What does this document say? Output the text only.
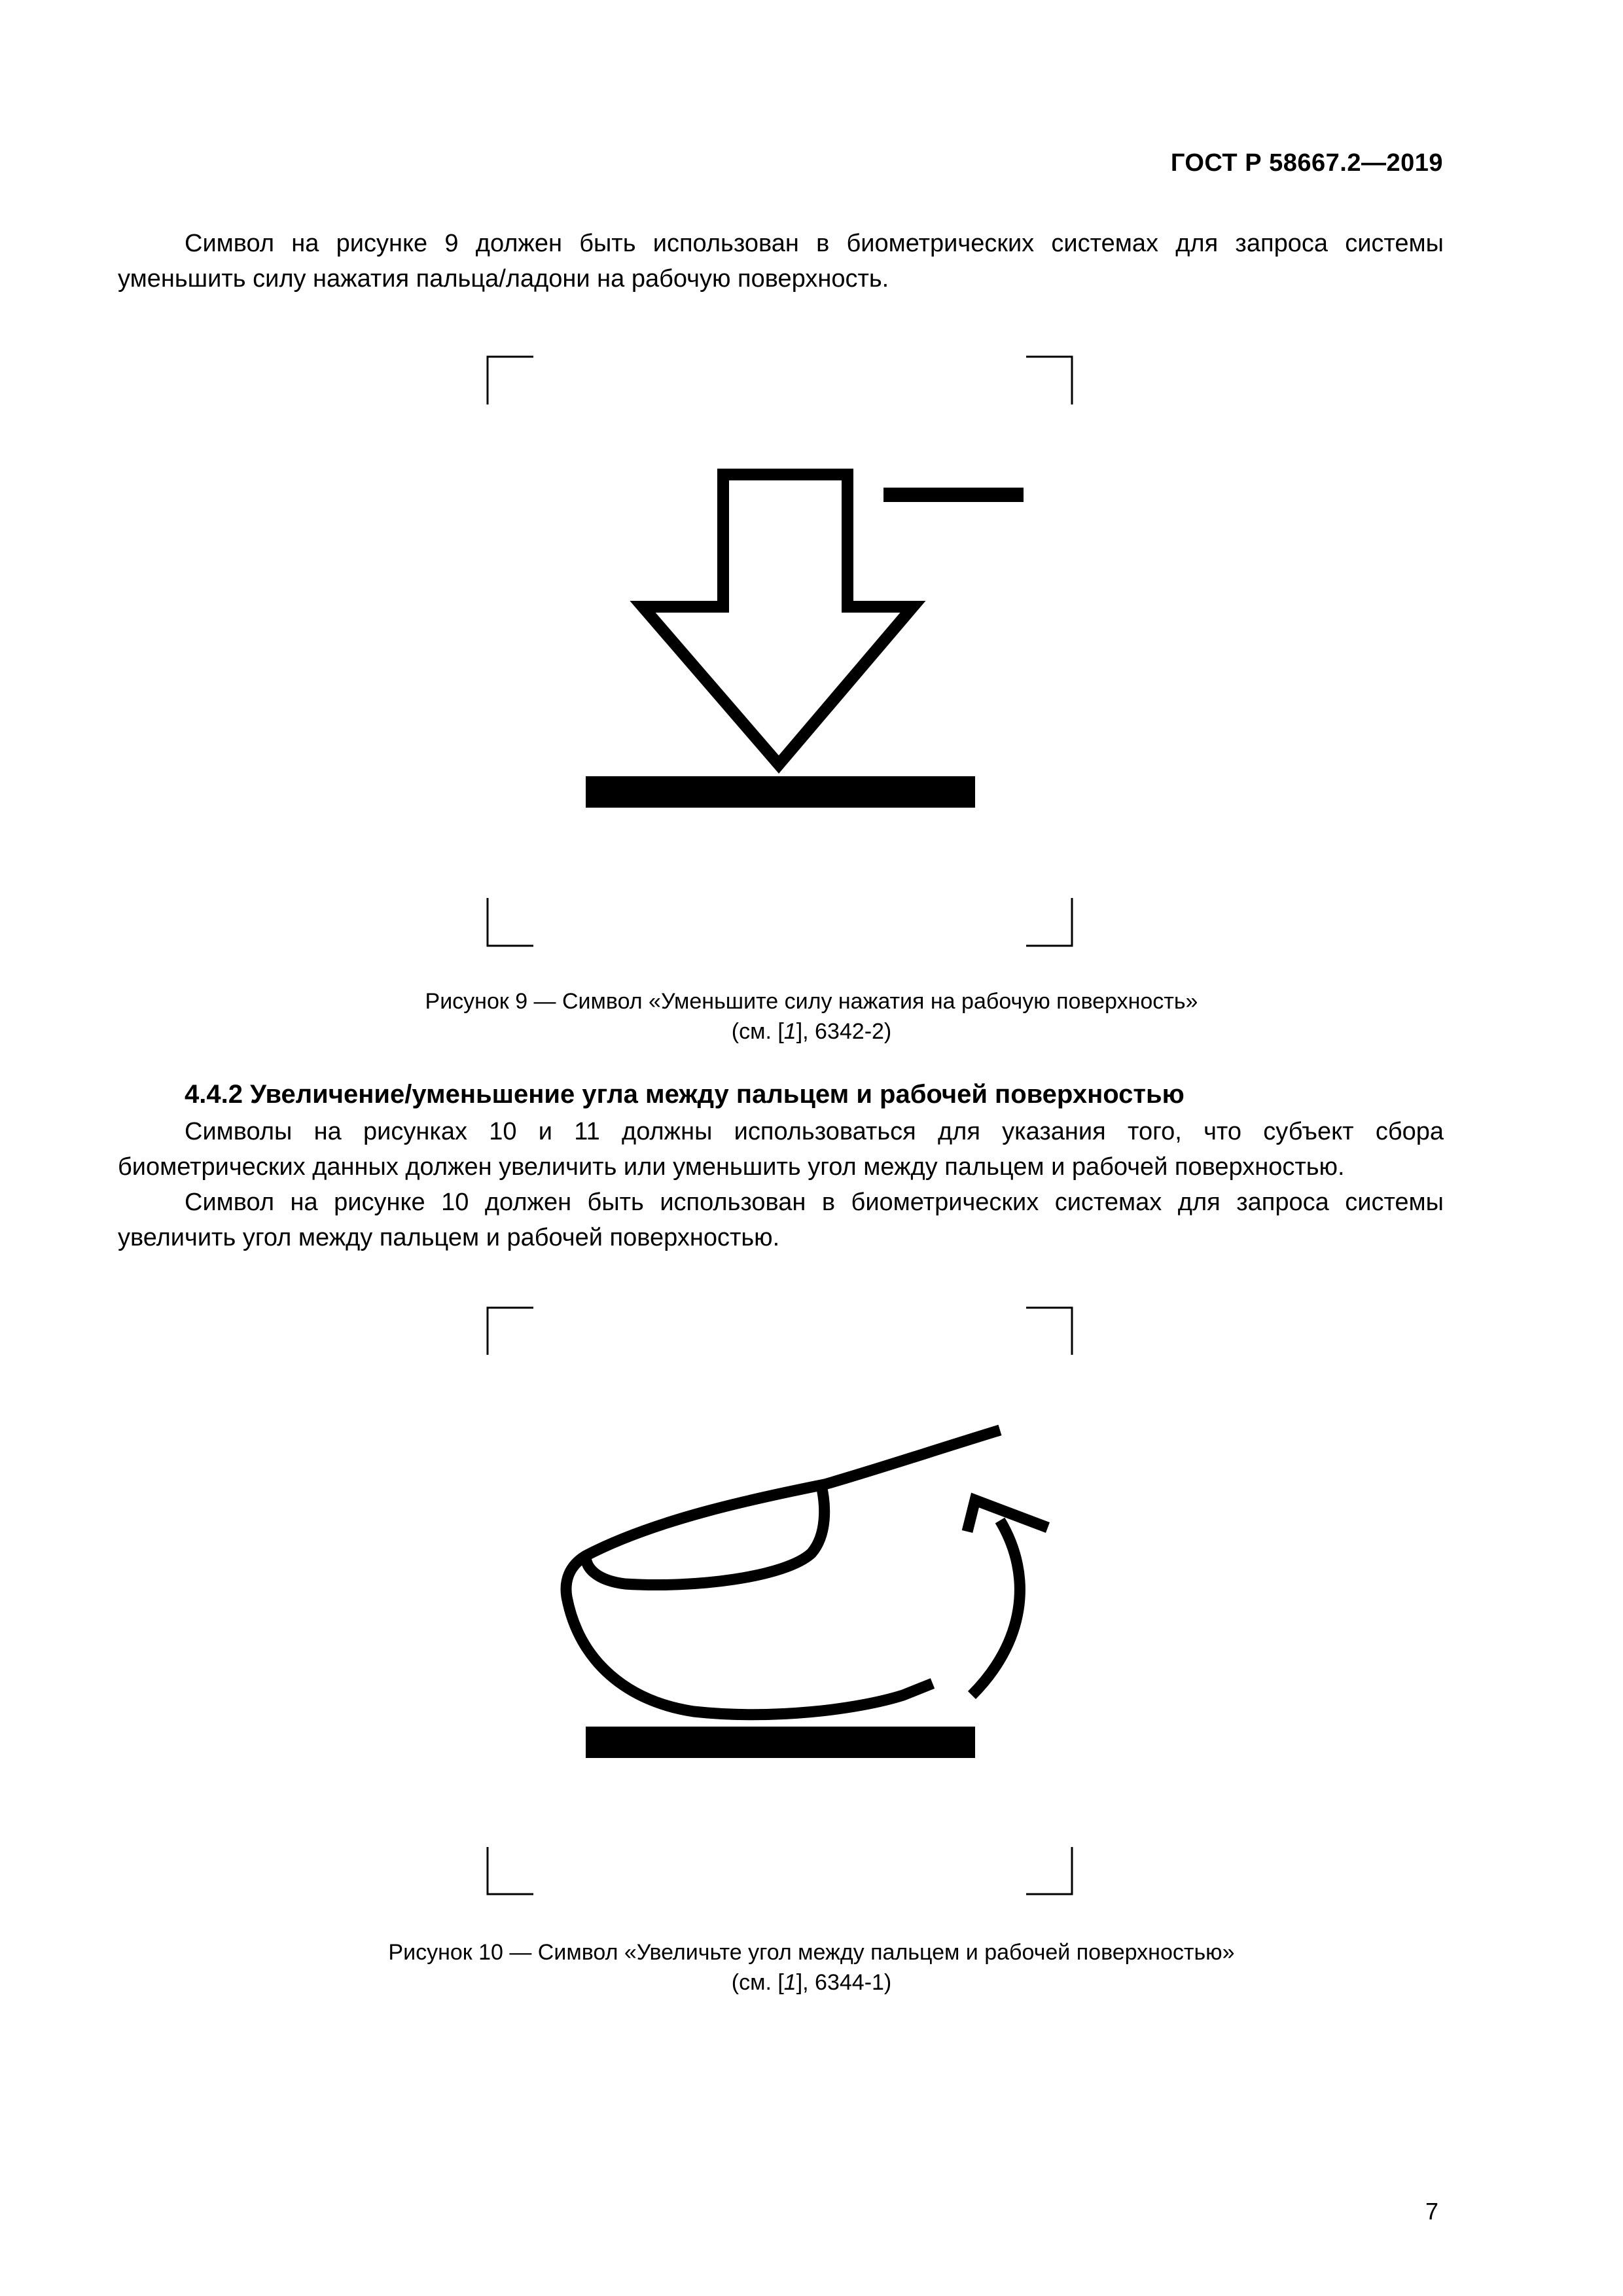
ГОСТ Р 58667.2—2019

Символ на рисунке 9 должен быть использован в биометрических системах для запроса системы уменьшить силу нажатия пальца/ладони на рабочую поверхность.

Рисунок 9 — Символ «Уменьшите силу нажатия на рабочую поверхность»
(см. [1], 6342-2)
4.4.2 Увеличение/уменьшение угла между пальцем и рабочей поверхностью

Символы на рисунках 10 и 11 должны использоваться для указания того, что субъект сбора биометрических данных должен увеличить или уменьшить угол между пальцем и рабочей поверхностью.

Символ на рисунке 10 должен быть использован в биометрических системах для запроса системы увеличить угол между пальцем и рабочей поверхностью.

Рисунок 10 — Символ «Увеличьте угол между пальцем и рабочей поверхностью»
(см. [1], 6344-1)
7
